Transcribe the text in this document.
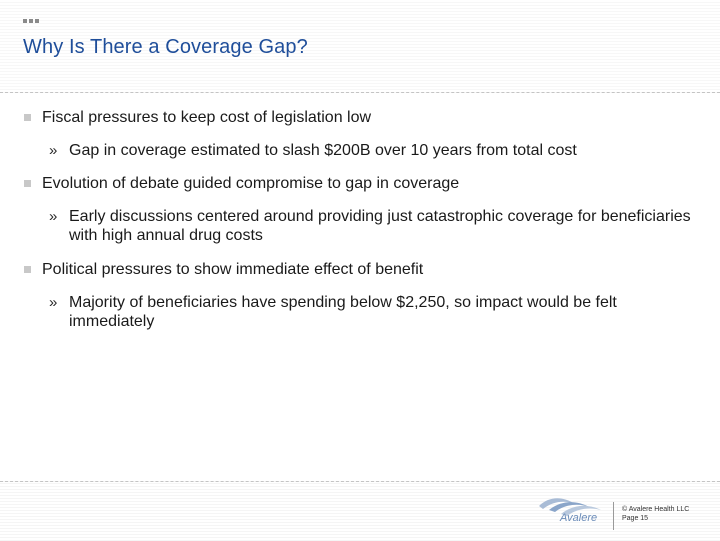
Why Is There a Coverage Gap?
Fiscal pressures to keep cost of legislation low
» Gap in coverage estimated to slash $200B over 10 years from total cost
Evolution of debate guided compromise to gap in coverage
» Early discussions centered around providing just catastrophic coverage for beneficiaries with high annual drug costs
Political pressures to show immediate effect of benefit
» Majority of beneficiaries have spending below $2,250, so impact would be felt immediately
Avalere
© Avalere Health LLC
Page 15
